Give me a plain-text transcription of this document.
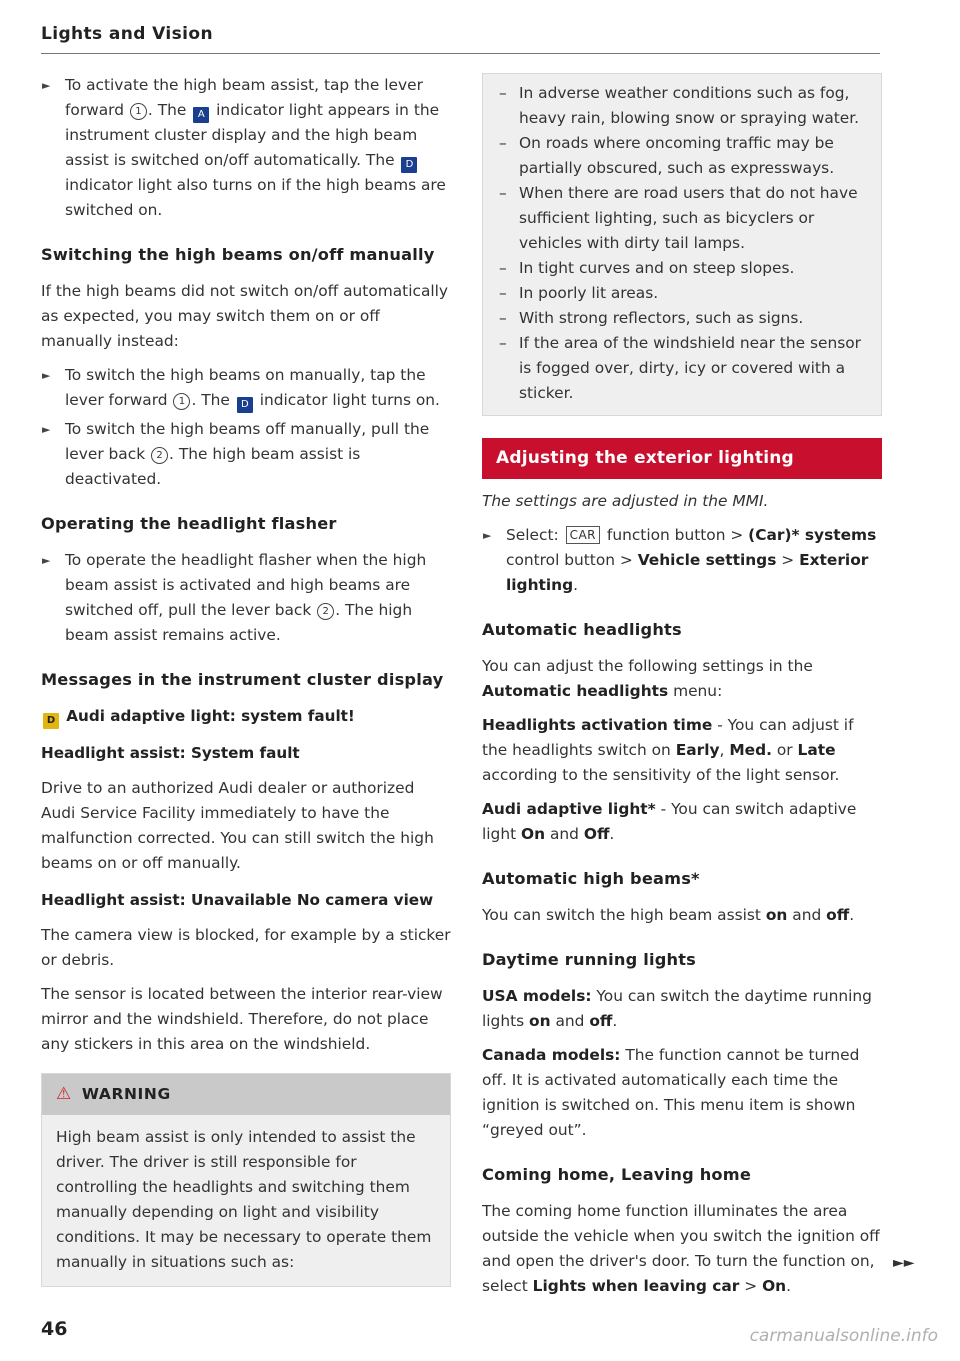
Lights and Vision
► To activate the high beam assist, tap the lever forward 1 . The A indicator light appears in the instrument cluster display and the high beam assist is switched on/off automatically. The D indicator light also turns on if the high beams are switched on.
Switching the high beams on/off manually

If the high beams did not switch on/off automatically as expected, you may switch them on or off manually instead:

► To switch the high beams on manually, tap the lever forward 1 . The D indicator light turns on.
► To switch the high beams off manually, pull the lever back 2 . The high beam assist is deactivated.
Operating the headlight flasher
► To operate the headlight flasher when the high beam assist is activated and high beams are switched off, pull the lever back 2 . The high beam assist remains active.
Messages in the instrument cluster display
D Audi adaptive light: system fault!
Headlight assist: System fault

Drive to an authorized Audi dealer or authorized Audi Service Facility immediately to have the malfunction corrected. You can still switch the high beams on or off manually.

Headlight assist: Unavailable No camera view

The camera view is blocked, for example by a sticker or debris.

The sensor is located between the interior rear-view mirror and the windshield. Therefore, do not place any stickers in this area on the windshield.

⚠ WARNING
High beam assist is only intended to assist the driver. The driver is still responsible for controlling the headlights and switching them manually depending on light and visibility conditions. It may be necessary to operate them manually in situations such as:
– In adverse weather conditions such as fog, heavy rain, blowing snow or spraying water.
– On roads where oncoming traffic may be partially obscured, such as expressways.
– When there are road users that do not have sufficient lighting, such as bicyclers or vehicles with dirty tail lamps.
– In tight curves and on steep slopes.
– In poorly lit areas.
– With strong reflectors, such as signs.
– If the area of the windshield near the sensor is fogged over, dirty, icy or covered with a sticker.
Adjusting the exterior lighting

The settings are adjusted in the MMI.

► Select: CAR function button > (Car)* systems control button > Vehicle settings > Exterior lighting.
Automatic headlights

You can adjust the following settings in the Automatic headlights menu:

Headlights activation time - You can adjust if the headlights switch on Early, Med. or Late according to the sensitivity of the light sensor.

Audi adaptive light* - You can switch adaptive light On and Off.

Automatic high beams*

You can switch the high beam assist on and off.

Daytime running lights

USA models: You can switch the daytime running lights on and off.

Canada models: The function cannot be turned off. It is activated automatically each time the ignition is switched on. This menu item is shown “greyed out”.

Coming home, Leaving home

The coming home function illuminates the area outside the vehicle when you switch the ignition off and open the driver's door. To turn the function on, select Lights when leaving car > On.

►►
46	carmanualsonline.info
